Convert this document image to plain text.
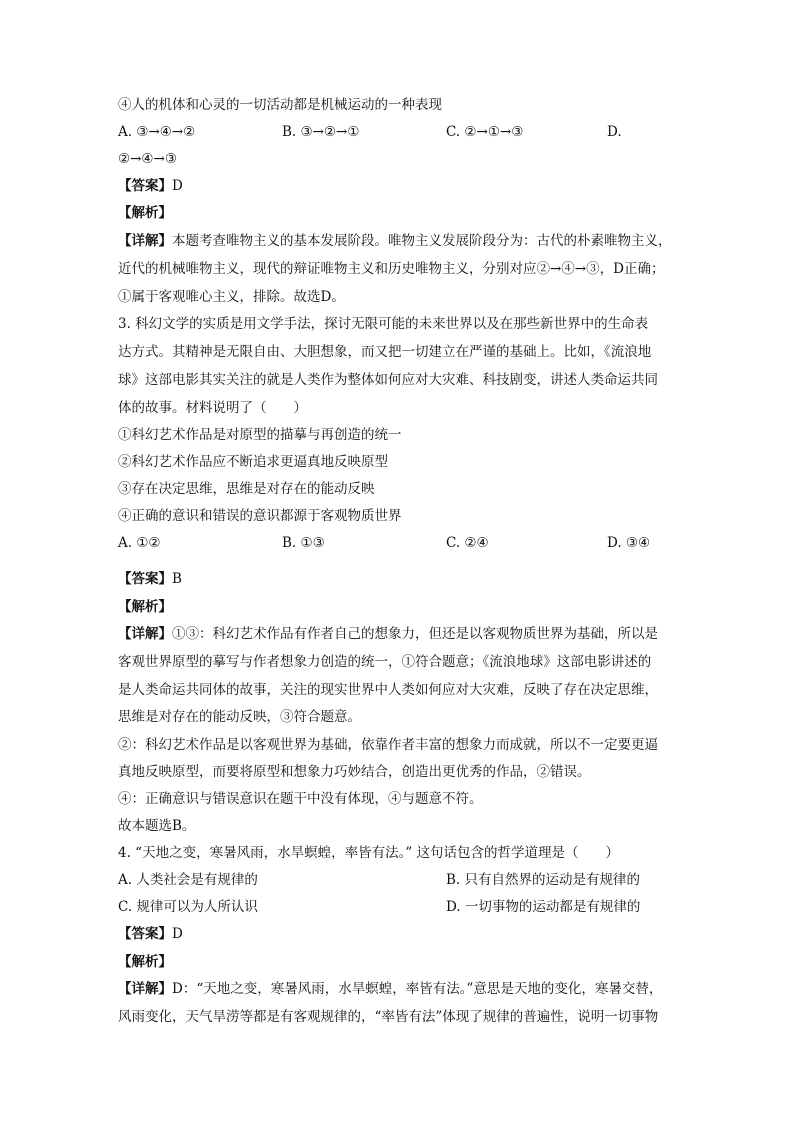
④人的机体和心灵的一切活动都是机械运动的一种表现
A. ③→④→②	B. ③→②→①	C. ②→①→③	D.
②→④→③
【答案】D
【解析】
【详解】本题考查唯物主义的基本发展阶段。唯物主义发展阶段分为：古代的朴素唯物主义，
近代的机械唯物主义，现代的辩证唯物主义和历史唯物主义，分别对应②→④→③，D正确；
①属于客观唯心主义，排除。故选D。
3. 科幻文学的实质是用文学手法，探讨无限可能的未来世界以及在那些新世界中的生命表
达方式。其精神是无限自由、大胆想象，而又把一切建立在严谨的基础上。比如，《流浪地
球》这部电影其实关注的就是人类作为整体如何应对大灾难、科技剧变，讲述人类命运共同
体的故事。材料说明了（　　）
①科幻艺术作品是对原型的描摹与再创造的统一
②科幻艺术作品应不断追求更逼真地反映原型
③存在决定思维，思维是对存在的能动反映
④正确的意识和错误的意识都源于客观物质世界
A. ①②	B. ①③	C. ②④	D. ③④
【答案】B
【解析】
【详解】①③：科幻艺术作品有作者自己的想象力，但还是以客观物质世界为基础，所以是
客观世界原型的摹写与作者想象力创造的统一，①符合题意；《流浪地球》这部电影讲述的
是人类命运共同体的故事，关注的现实世界中人类如何应对大灾难，反映了存在决定思维，
思维是对存在的能动反映，③符合题意。
②：科幻艺术作品是以客观世界为基础，依靠作者丰富的想象力而成就，所以不一定要更逼
真地反映原型，而要将原型和想象力巧妙结合，创造出更优秀的作品，②错误。
④：正确意识与错误意识在题干中没有体现，④与题意不符。
故本题选B。
4. “天地之变，寒暑风雨，水旱螟蝗，率皆有法。” 这句话包含的哲学道理是（　　）
A. 人类社会是有规律的	B. 只有自然界的运动是有规律的
C. 规律可以为人所认识	D. 一切事物的运动都是有规律的
【答案】D
【解析】
【详解】D：“天地之变，寒暑风雨，水旱螟蝗，率皆有法。”意思是天地的变化，寒暑交替，
风雨变化，天气旱涝等都是有客观规律的，“率皆有法”体现了规律的普遍性，说明一切事物
